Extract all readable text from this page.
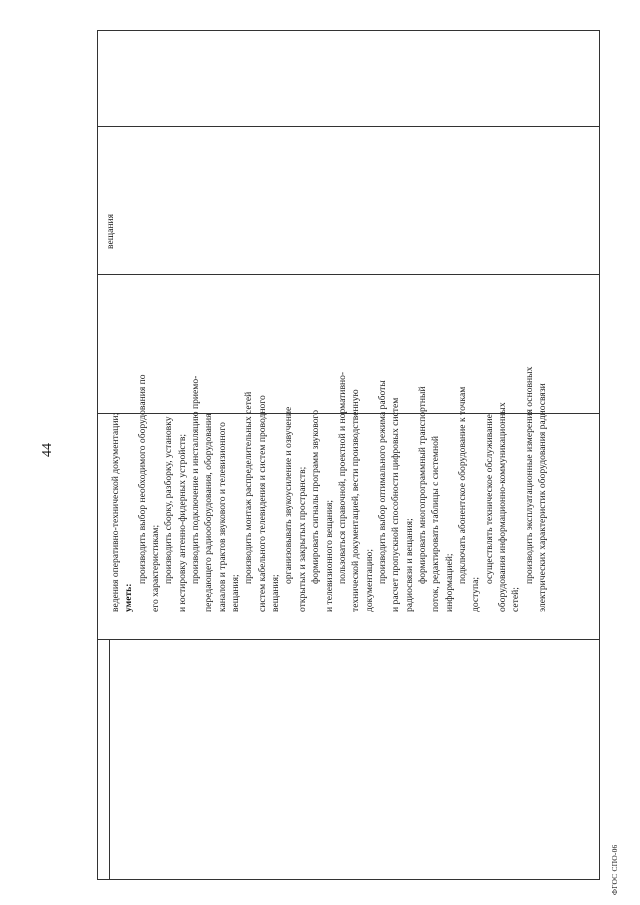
44	ведения оперативно-технической документации; уметь:
производить выбор необходимого оборудования по его характеристикам; производить сборку, разборку, установку и юстировку антенно-фидерных устройств; производить подключение и инсталляцию приемо- передающего радиооборудования, оборудования каналов и трактов звукового и телевизионного вещания;
производить монтаж распределительных сетей систем кабельного телевидения и систем проводного вещания;
организовывать звукоусиление и озвучение открытых и закрытых пространств; формировать сигналы программ звукового и телевизионного вещания; пользоваться справочной, проектной и нормативно- технической документацией, вести производственную документацию; производить выбор оптимального режима работы и расчет пропускной способности цифровых систем радиосвязи и вещания; формировать многопрограммный транспортный поток, редактировать таблицы с системной информацией; подключать абонентское оборудование к точкам
доступа;
осуществлять техническое обслуживание оборудования информационно-коммуникационных сетей;
производить эксплуатационные измерения основных электрических характеристик оборудования радиосвязи
вещания
ФГОС СПО-06
